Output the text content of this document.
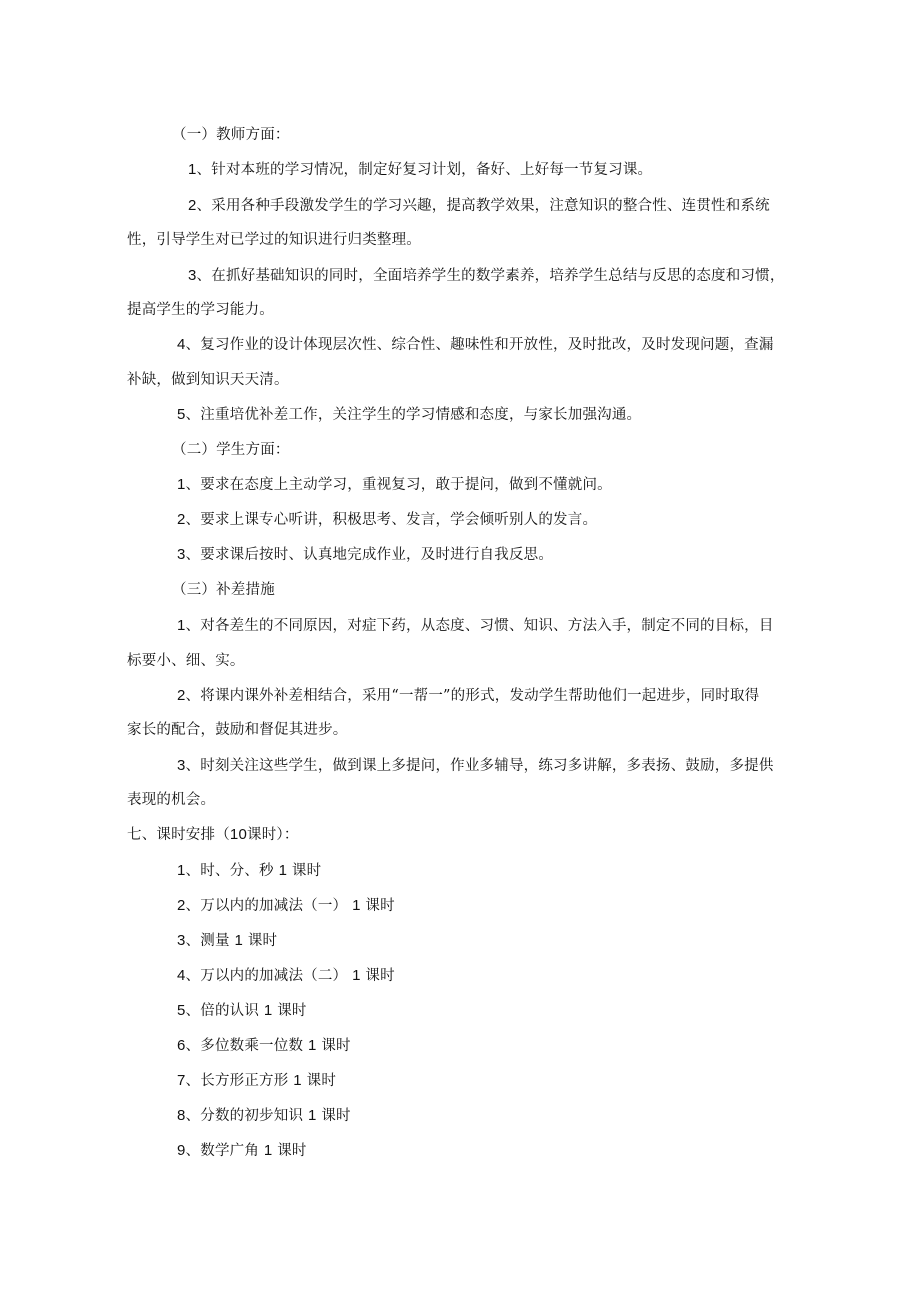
（一）教师方面：
1、针对本班的学习情况，制定好复习计划，备好、上好每一节复习课。
2、采用各种手段激发学生的学习兴趣，提高教学效果，注意知识的整合性、连贯性和系统
性，引导学生对已学过的知识进行归类整理。
3、在抓好基础知识的同时，全面培养学生的数学素养，培养学生总结与反思的态度和习惯，
提高学生的学习能力。
4、复习作业的设计体现层次性、综合性、趣味性和开放性，及时批改，及时发现问题，查漏
补缺，做到知识天天清。
5、注重培优补差工作，关注学生的学习情感和态度，与家长加强沟通。
（二）学生方面：
1、要求在态度上主动学习，重视复习，敢于提问，做到不懂就问。
2、要求上课专心听讲，积极思考、发言，学会倾听别人的发言。
3、要求课后按时、认真地完成作业，及时进行自我反思。
（三）补差措施
1、对各差生的不同原因，对症下药，从态度、习惯、知识、方法入手，制定不同的目标，目
标要小、细、实。
2、将课内课外补差相结合，采用“一帮一”的形式，发动学生帮助他们一起进步，同时取得
家长的配合，鼓励和督促其进步。
3、时刻关注这些学生，做到课上多提问，作业多辅导，练习多讲解，多表扬、鼓励，多提供
表现的机会。
七、课时安排（10课时）：
1、时、分、秒 1 课时
2、万以内的加减法（一） 1 课时
3、测量 1 课时
4、万以内的加减法（二） 1 课时
5、倍的认识 1 课时
6、多位数乘一位数 1 课时
7、长方形正方形 1 课时
8、分数的初步知识 1 课时
9、数学广角 1 课时
